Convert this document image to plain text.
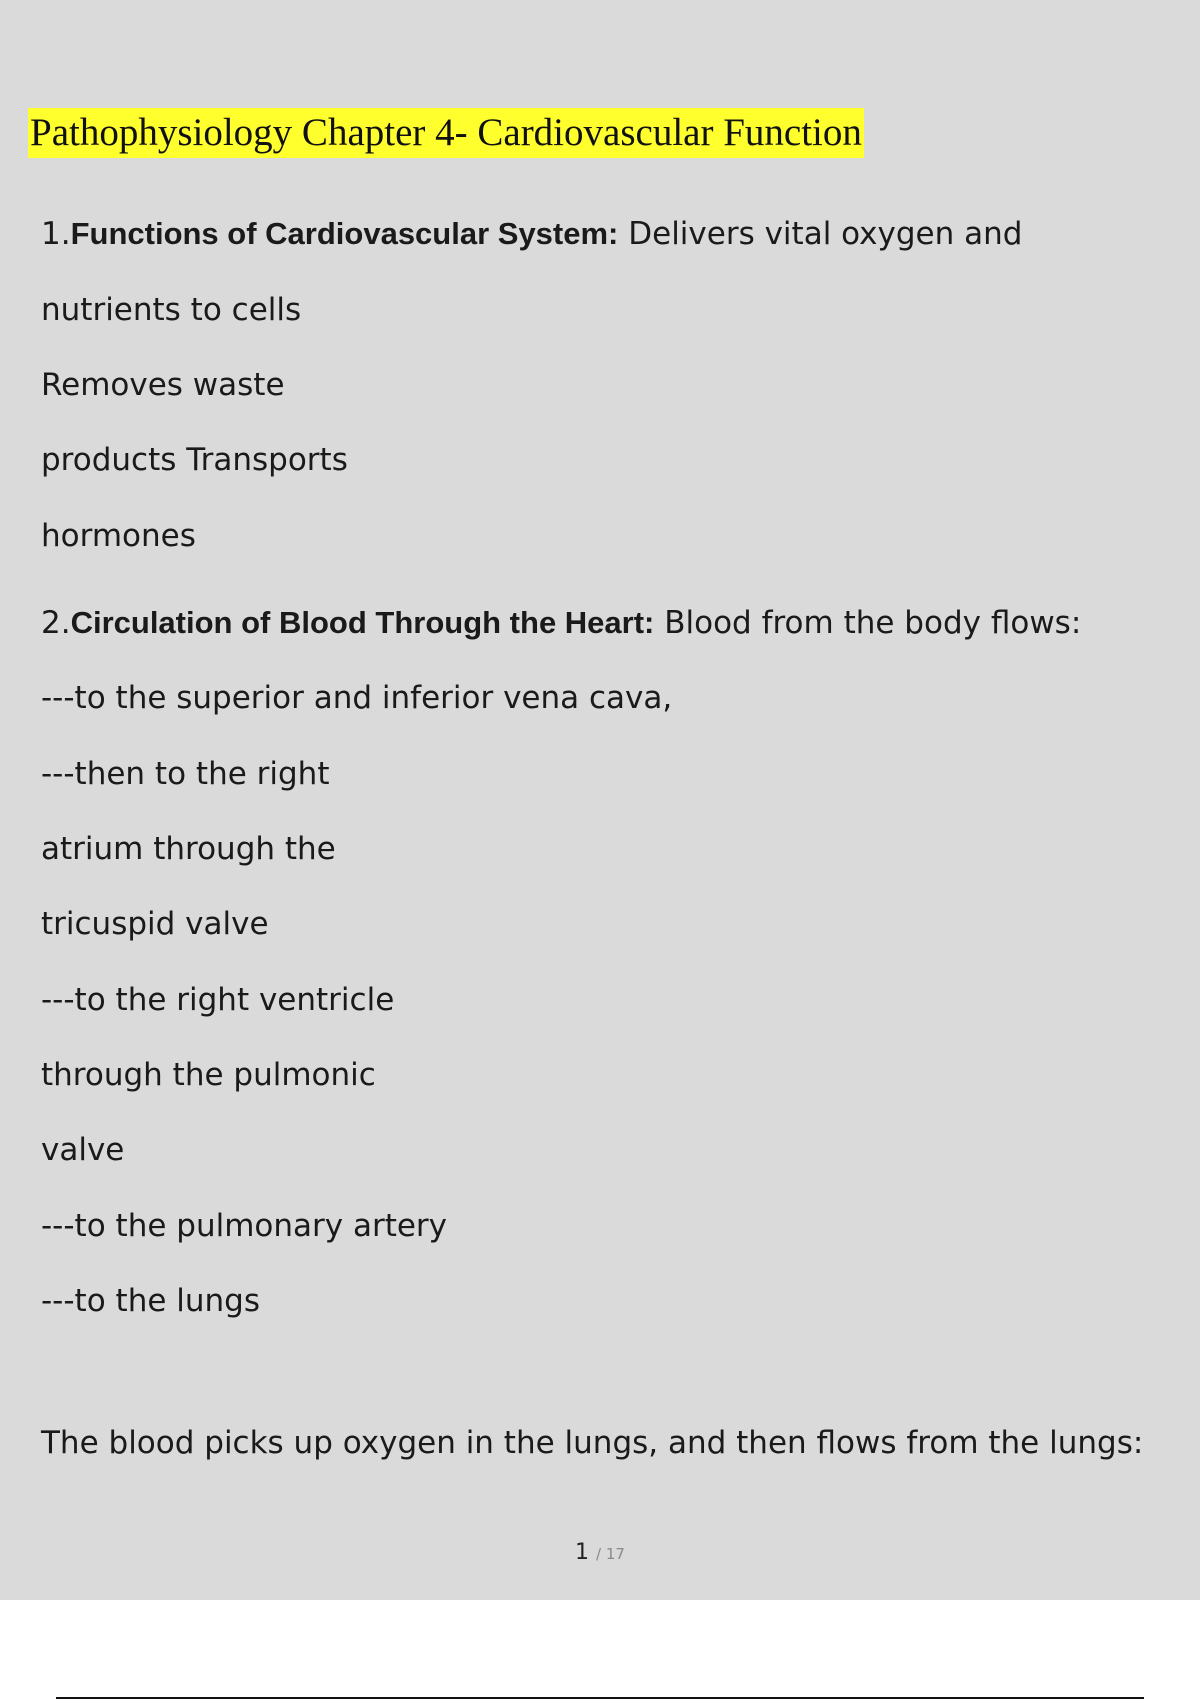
Pathophysiology Chapter 4- Cardiovascular Function
1.Functions of Cardiovascular System: Delivers vital oxygen and
nutrients to cells
Removes waste
products Transports
hormones
2.Circulation of Blood Through the Heart: Blood from the body flows:
---to the superior and inferior vena cava,
---then to the right
atrium through the
tricuspid valve
---to the right ventricle
through the pulmonic
valve
---to the pulmonary artery
---to the lungs
The blood picks up oxygen in the lungs, and then flows from the lungs:
1 / 17
